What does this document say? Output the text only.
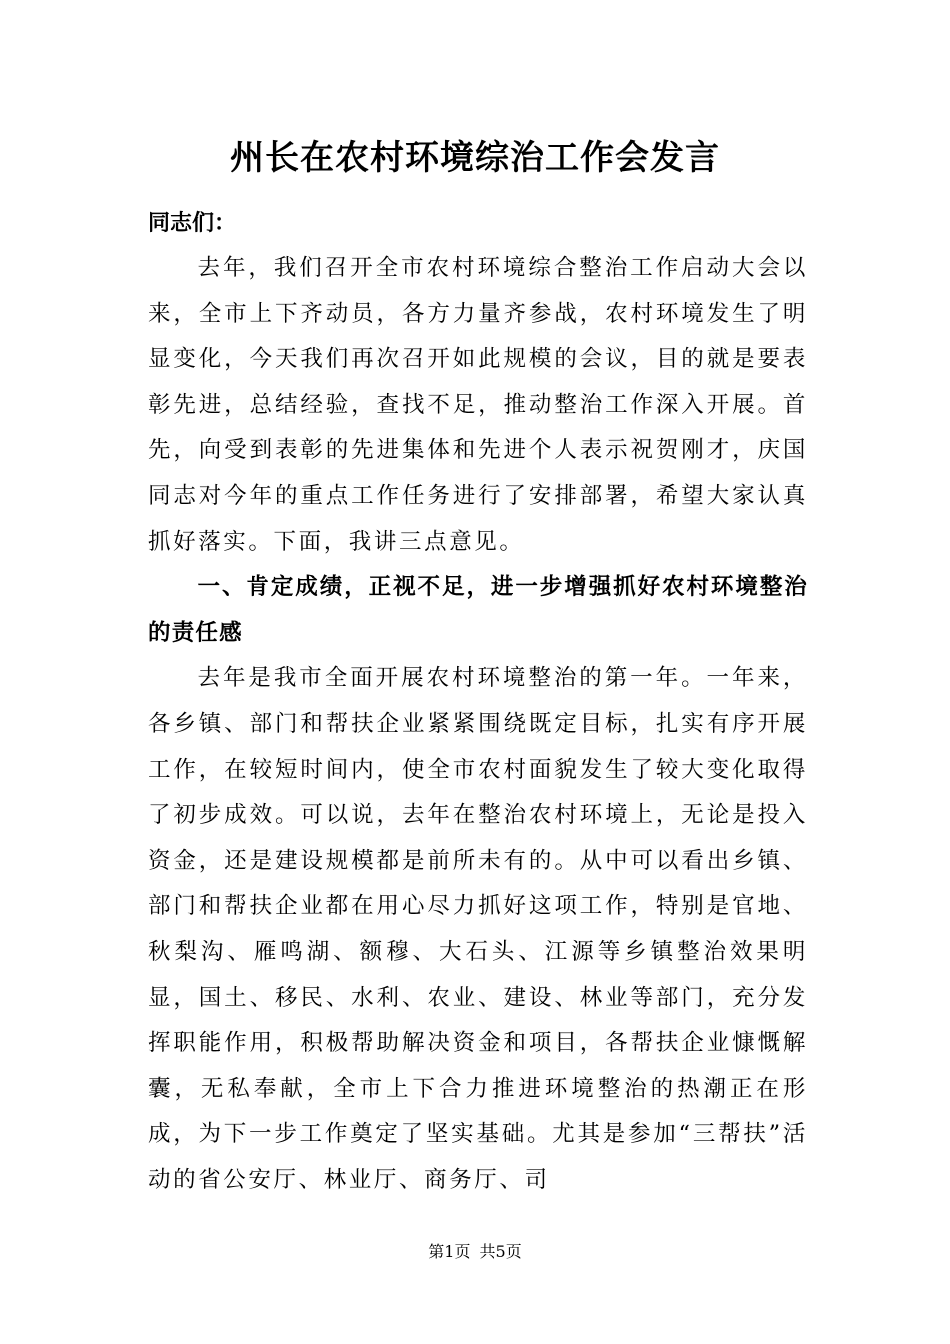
州长在农村环境综治工作会发言
同志们：

去年，我们召开全市农村环境综合整治工作启动大会以来，全市上下齐动员，各方力量齐参战，农村环境发生了明显变化，今天我们再次召开如此规模的会议，目的就是要表彰先进，总结经验，查找不足，推动整治工作深入开展。首先，向受到表彰的先进集体和先进个人表示祝贺刚才，庆国同志对今年的重点工作任务进行了安排部署，希望大家认真抓好落实。下面，我讲三点意见。

一、肯定成绩，正视不足，进一步增强抓好农村环境整治的责任感

去年是我市全面开展农村环境整治的第一年。一年来，各乡镇、部门和帮扶企业紧紧围绕既定目标，扎实有序开展工作，在较短时间内，使全市农村面貌发生了较大变化取得了初步成效。可以说，去年在整治农村环境上，无论是投入资金，还是建设规模都是前所未有的。从中可以看出乡镇、部门和帮扶企业都在用心尽力抓好这项工作，特别是官地、秋梨沟、雁鸣湖、额穆、大石头、江源等乡镇整治效果明显，国土、移民、水利、农业、建设、林业等部门，充分发挥职能作用，积极帮助解决资金和项目，各帮扶企业慷慨解囊，无私奉献，全市上下合力推进环境整治的热潮正在形成，为下一步工作奠定了坚实基础。尤其是参加“三帮扶”活动的省公安厅、林业厅、商务厅、司

第1页 共5页
